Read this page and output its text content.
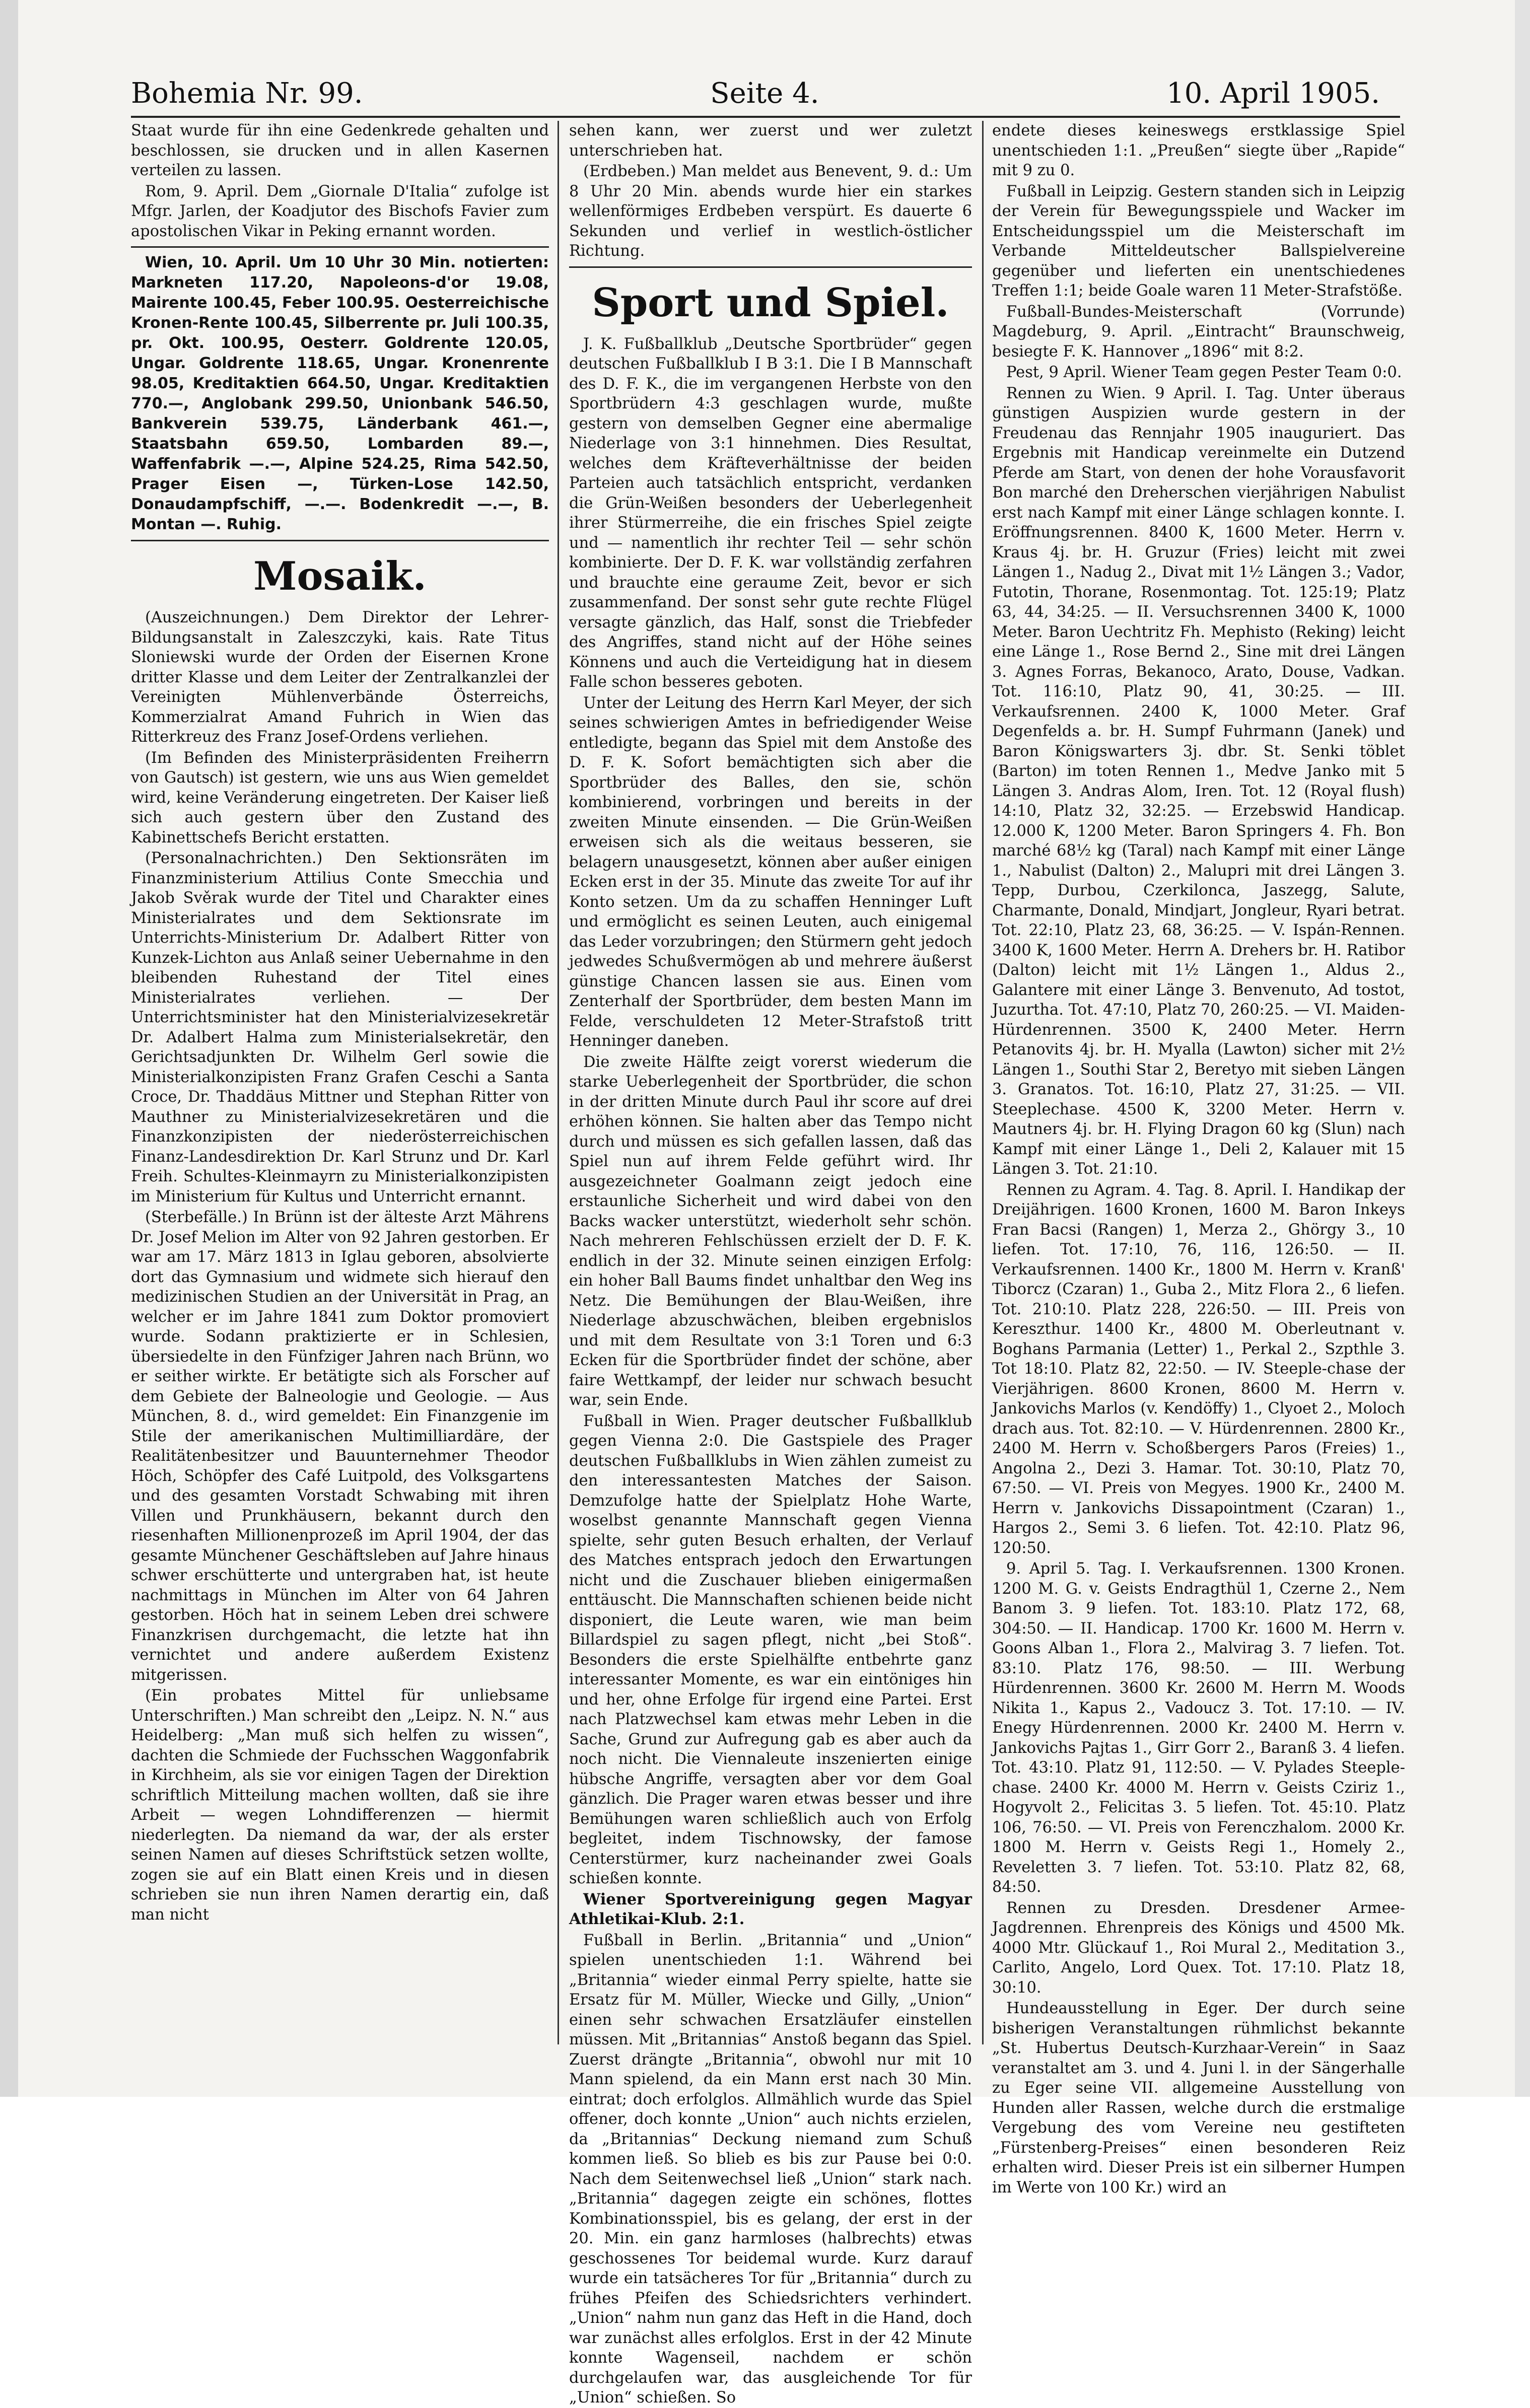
Bohemia Nr. 99.	Seite 4.	10. April 1905.

Staat wurde für ihn eine Gedenkrede gehalten und beschlossen, sie drucken und in allen Kasernen verteilen zu lassen.

Rom, 9. April. Dem „Giornale D'Italia“ zufolge ist Mfgr. Jarlen, der Koadjutor des Bischofs Favier zum apostolischen Vikar in Peking ernannt worden.

Wien, 10. April. Um 10 Uhr 30 Min. notierten: Markneten 117.20, Napoleons-d'or 19.08, Mairente 100.45, Feber 100.95. Oesterreichische Kronen-Rente 100.45, Silberrente pr. Juli 100.35, pr. Okt. 100.95, Oesterr. Goldrente 120.05, Ungar. Goldrente 118.65, Ungar. Kronenrente 98.05, Kreditaktien 664.50, Ungar. Kreditaktien 770.—, Anglobank 299.50, Unionbank 546.50, Bankverein 539.75, Länderbank 461.—, Staatsbahn 659.50, Lombarden 89.—, Waffenfabrik —.—, Alpine 524.25, Rima 542.50, Prager Eisen —, Türken-Lose 142.50, Donaudampfschiff, —.—. Bodenkredit —.—, B. Montan —. Ruhig.

Mosaik.

(Auszeichnungen.) Dem Direktor der Lehrer-Bildungsanstalt in Zaleszczyki, kais. Rate Titus Sloniewski wurde der Orden der Eisernen Krone dritter Klasse und dem Leiter der Zentralkanzlei der Vereinigten Mühlenverbände Österreichs, Kommerzialrat Amand Fuhrich in Wien das Ritterkreuz des Franz Josef-Ordens verliehen.

(Im Befinden des Ministerpräsidenten Freiherrn von Gautsch) ist gestern, wie uns aus Wien gemeldet wird, keine Veränderung eingetreten. Der Kaiser ließ sich auch gestern über den Zustand des Kabinettschefs Bericht erstatten.

(Personalnachrichten.) Den Sektionsräten im Finanzministerium Attilius Conte Smecchia und Jakob Svěrak wurde der Titel und Charakter eines Ministerialrates und dem Sektionsrate im Unterrichts-Ministerium Dr. Adalbert Ritter von Kunzek-Lichton aus Anlaß seiner Uebernahme in den bleibenden Ruhestand der Titel eines Ministerialrates verliehen. — Der Unterrichtsminister hat den Ministerialvizesekretär Dr. Adalbert Halma zum Ministerialsekretär, den Gerichtsadjunkten Dr. Wilhelm Gerl sowie die Ministerialkonzipisten Franz Grafen Ceschi a Santa Croce, Dr. Thaddäus Mittner und Stephan Ritter von Mauthner zu Ministerialvizesekretären und die Finanzkonzipisten der niederösterreichischen Finanz-Landesdirektion Dr. Karl Strunz und Dr. Karl Freih. Schultes-Kleinmayrn zu Ministerialkonzipisten im Ministerium für Kultus und Unterricht ernannt.

(Sterbefälle.) In Brünn ist der älteste Arzt Mährens Dr. Josef Melion im Alter von 92 Jahren gestorben. Er war am 17. März 1813 in Iglau geboren, absolvierte dort das Gymnasium und widmete sich hierauf den medizinischen Studien an der Universität in Prag, an welcher er im Jahre 1841 zum Doktor promoviert wurde. Sodann praktizierte er in Schlesien, übersiedelte in den Fünfziger Jahren nach Brünn, wo er seither wirkte. Er betätigte sich als Forscher auf dem Gebiete der Balneologie und Geologie. — Aus München, 8. d., wird gemeldet: Ein Finanzgenie im Stile der amerikanischen Multimilliardäre, der Realitätenbesitzer und Bauunternehmer Theodor Höch, Schöpfer des Café Luitpold, des Volksgartens und des gesamten Vorstadt Schwabing mit ihren Villen und Prunkhäusern, bekannt durch den riesenhaften Millionenprozeß im April 1904, der das gesamte Münchener Geschäftsleben auf Jahre hinaus schwer erschütterte und untergraben hat, ist heute nachmittags in München im Alter von 64 Jahren gestorben. Höch hat in seinem Leben drei schwere Finanzkrisen durchgemacht, die letzte hat ihn vernichtet und andere außerdem Existenz mitgerissen.

(Ein probates Mittel für unliebsame Unterschriften.) Man schreibt den „Leipz. N. N.“ aus Heidelberg: „Man muß sich helfen zu wissen“, dachten die Schmiede der Fuchsschen Waggonfabrik in Kirchheim, als sie vor einigen Tagen der Direktion schriftlich Mitteilung machen wollten, daß sie ihre Arbeit — wegen Lohndifferenzen — hiermit niederlegten. Da niemand da war, der als erster seinen Namen auf dieses Schriftstück setzen wollte, zogen sie auf ein Blatt einen Kreis und in diesen schrieben sie nun ihren Namen derartig ein, daß man nicht

sehen kann, wer zuerst und wer zuletzt unterschrieben hat.

(Erdbeben.) Man meldet aus Benevent, 9. d.: Um 8 Uhr 20 Min. abends wurde hier ein starkes wellenförmiges Erdbeben verspürt. Es dauerte 6 Sekunden und verlief in westlich-östlicher Richtung.

Sport und Spiel.

J. K. Fußballklub „Deutsche Sportbrüder“ gegen deutschen Fußballklub I B 3:1. Die I B Mannschaft des D. F. K., die im vergangenen Herbste von den Sportbrüdern 4:3 geschlagen wurde, mußte gestern von demselben Gegner eine abermalige Niederlage von 3:1 hinnehmen. Dies Resultat, welches dem Kräfteverhältnisse der beiden Parteien auch tatsächlich entspricht, verdanken die Grün-Weißen besonders der Ueberlegenheit ihrer Stürmerreihe, die ein frisches Spiel zeigte und — namentlich ihr rechter Teil — sehr schön kombinierte. Der D. F. K. war vollständig zerfahren und brauchte eine geraume Zeit, bevor er sich zusammenfand. Der sonst sehr gute rechte Flügel versagte gänzlich, das Half, sonst die Triebfeder des Angriffes, stand nicht auf der Höhe seines Könnens und auch die Verteidigung hat in diesem Falle schon besseres geboten.

Unter der Leitung des Herrn Karl Meyer, der sich seines schwierigen Amtes in befriedigender Weise entledigte, begann das Spiel mit dem Anstoße des D. F. K. Sofort bemächtigten sich aber die Sportbrüder des Balles, den sie, schön kombinierend, vorbringen und bereits in der zweiten Minute einsenden. — Die Grün-Weißen erweisen sich als die weitaus besseren, sie belagern unausgesetzt, können aber außer einigen Ecken erst in der 35. Minute das zweite Tor auf ihr Konto setzen. Um da zu schaffen Henninger Luft und ermöglicht es seinen Leuten, auch einigemal das Leder vorzubringen; den Stürmern geht jedoch jedwedes Schußvermögen ab und mehrere äußerst günstige Chancen lassen sie aus. Einen vom Zenterhalf der Sportbrüder, dem besten Mann im Felde, verschuldeten 12 Meter-Strafstoß tritt Henninger daneben.

Die zweite Hälfte zeigt vorerst wiederum die starke Ueberlegenheit der Sportbrüder, die schon in der dritten Minute durch Paul ihr score auf drei erhöhen können. Sie halten aber das Tempo nicht durch und müssen es sich gefallen lassen, daß das Spiel nun auf ihrem Felde geführt wird. Ihr ausgezeichneter Goalmann zeigt jedoch eine erstaunliche Sicherheit und wird dabei von den Backs wacker unterstützt, wiederholt sehr schön. Nach mehreren Fehlschüssen erzielt der D. F. K. endlich in der 32. Minute seinen einzigen Erfolg: ein hoher Ball Baums findet unhaltbar den Weg ins Netz. Die Bemühungen der Blau-Weißen, ihre Niederlage abzuschwächen, bleiben ergebnislos und mit dem Resultate von 3:1 Toren und 6:3 Ecken für die Sportbrüder findet der schöne, aber faire Wettkampf, der leider nur schwach besucht war, sein Ende.

Fußball in Wien. Prager deutscher Fußballklub gegen Vienna 2:0. Die Gastspiele des Prager deutschen Fußballklubs in Wien zählen zumeist zu den interessantesten Matches der Saison. Demzufolge hatte der Spielplatz Hohe Warte, woselbst genannte Mannschaft gegen Vienna spielte, sehr guten Besuch erhalten, der Verlauf des Matches entsprach jedoch den Erwartungen nicht und die Zuschauer blieben einigermaßen enttäuscht. Die Mannschaften schienen beide nicht disponiert, die Leute waren, wie man beim Billardspiel zu sagen pflegt, nicht „bei Stoß“. Besonders die erste Spielhälfte entbehrte ganz interessanter Momente, es war ein eintöniges hin und her, ohne Erfolge für irgend eine Partei. Erst nach Platzwechsel kam etwas mehr Leben in die Sache, Grund zur Aufregung gab es aber auch da noch nicht. Die Viennaleute inszenierten einige hübsche Angriffe, versagten aber vor dem Goal gänzlich. Die Prager waren etwas besser und ihre Bemühungen waren schließlich auch von Erfolg begleitet, indem Tischnowsky, der famose Centerstürmer, kurz nacheinander zwei Goals schießen konnte.

Wiener Sportvereinigung gegen Magyar Athletikai-Klub. 2:1.

Fußball in Berlin. „Britannia“ und „Union“ spielen unentschieden 1:1. Während bei „Britannia“ wieder einmal Perry spielte, hatte sie Ersatz für M. Müller, Wiecke und Gilly, „Union“ einen sehr schwachen Ersatzläufer einstellen müssen. Mit „Britannias“ Anstoß begann das Spiel. Zuerst drängte „Britannia“, obwohl nur mit 10 Mann spielend, da ein Mann erst nach 30 Min. eintrat; doch erfolglos. Allmählich wurde das Spiel offener, doch konnte „Union“ auch nichts erzielen, da „Britannias“ Deckung niemand zum Schuß kommen ließ. So blieb es bis zur Pause bei 0:0. Nach dem Seitenwechsel ließ „Union“ stark nach. „Britannia“ dagegen zeigte ein schönes, flottes Kombinationsspiel, bis es gelang, der erst in der 20. Min. ein ganz harmloses (halbrechts) etwas geschossenes Tor beidemal wurde. Kurz darauf wurde ein tatsächeres Tor für „Britannia“ durch zu frühes Pfeifen des Schiedsrichters verhindert. „Union“ nahm nun ganz das Heft in die Hand, doch war zunächst alles erfolglos. Erst in der 42 Minute konnte Wagenseil, nachdem er schön durchgelaufen war, das ausgleichende Tor für „Union“ schießen. So

endete dieses keineswegs erstklassige Spiel unentschieden 1:1. „Preußen“ siegte über „Rapide“ mit 9 zu 0.

Fußball in Leipzig. Gestern standen sich in Leipzig der Verein für Bewegungsspiele und Wacker im Entscheidungsspiel um die Meisterschaft im Verbande Mitteldeutscher Ballspielvereine gegenüber und lieferten ein unentschiedenes Treffen 1:1; beide Goale waren 11 Meter-Strafstöße.

Fußball-Bundes-Meisterschaft (Vorrunde) Magdeburg, 9. April. „Eintracht“ Braunschweig, besiegte F. K. Hannover „1896“ mit 8:2.

Pest, 9 April. Wiener Team gegen Pester Team 0:0.

Rennen zu Wien. 9 April. I. Tag. Unter überaus günstigen Auspizien wurde gestern in der Freudenau das Rennjahr 1905 inauguriert. Das Ergebnis mit Handicap vereinmelte ein Dutzend Pferde am Start, von denen der hohe Vorausfavorit Bon marché den Dreherschen vierjährigen Nabulist erst nach Kampf mit einer Länge schlagen konnte. I. Eröffnungsrennen. 8400 K, 1600 Meter. Herrn v. Kraus 4j. br. H. Gruzur (Fries) leicht mit zwei Längen 1., Nadug 2., Divat mit 1½ Längen 3.; Vador, Futotin, Thorane, Rosenmontag. Tot. 125:19; Platz 63, 44, 34:25. — II. Versuchsrennen 3400 K, 1000 Meter. Baron Uechtritz Fh. Mephisto (Reking) leicht eine Länge 1., Rose Bernd 2., Sine mit drei Längen 3. Agnes Forras, Bekanoco, Arato, Douse, Vadkan. Tot. 116:10, Platz 90, 41, 30:25. — III. Verkaufsrennen. 2400 K, 1000 Meter. Graf Degenfelds a. br. H. Sumpf Fuhrmann (Janek) und Baron Königswarters 3j. dbr. St. Senki töblet (Barton) im toten Rennen 1., Medve Janko mit 5 Längen 3. Andras Alom, Iren. Tot. 12 (Royal flush) 14:10, Platz 32, 32:25. — Erzebswid Handicap. 12.000 K, 1200 Meter. Baron Springers 4. Fh. Bon marché 68½ kg (Taral) nach Kampf mit einer Länge 1., Nabulist (Dalton) 2., Malupri mit drei Längen 3. Tepp, Durbou, Czerkilonca, Jaszegg, Salute, Charmante, Donald, Mindjart, Jongleur, Ryari betrat. Tot. 22:10, Platz 23, 68, 36:25. — V. Ispán-Rennen. 3400 K, 1600 Meter. Herrn A. Drehers br. H. Ratibor (Dalton) leicht mit 1½ Längen 1., Aldus 2., Galantere mit einer Länge 3. Benvenuto, Ad tostot, Juzurtha. Tot. 47:10, Platz 70, 260:25. — VI. Maiden-Hürdenrennen. 3500 K, 2400 Meter. Herrn Petanovits 4j. br. H. Myalla (Lawton) sicher mit 2½ Längen 1., Southi Star 2, Beretyo mit sieben Längen 3. Granatos. Tot. 16:10, Platz 27, 31:25. — VII. Steeplechase. 4500 K, 3200 Meter. Herrn v. Mautners 4j. br. H. Flying Dragon 60 kg (Slun) nach Kampf mit einer Länge 1., Deli 2, Kalauer mit 15 Längen 3. Tot. 21:10.

Rennen zu Agram. 4. Tag. 8. April. I. Handikap der Dreijährigen. 1600 Kronen, 1600 M. Baron Inkeys Fran Bacsi (Rangen) 1, Merza 2., Ghörgy 3., 10 liefen. Tot. 17:10, 76, 116, 126:50. — II. Verkaufsrennen. 1400 Kr., 1800 M. Herrn v. Kranß' Tiborcz (Czaran) 1., Guba 2., Mitz Flora 2., 6 liefen. Tot. 210:10. Platz 228, 226:50. — III. Preis von Kereszthur. 1400 Kr., 4800 M. Oberleutnant v. Boghans Parmania (Letter) 1., Perkal 2., Szpthle 3. Tot 18:10. Platz 82, 22:50. — IV. Steeple-chase der Vierjährigen. 8600 Kronen, 8600 M. Herrn v. Jankovichs Marlos (v. Kendöffy) 1., Clyoet 2., Moloch drach aus. Tot. 82:10. — V. Hürdenrennen. 2800 Kr., 2400 M. Herrn v. Schoßbergers Paros (Freies) 1., Angolna 2., Dezi 3. Hamar. Tot. 30:10, Platz 70, 67:50. — VI. Preis von Megyes. 1900 Kr., 2400 M. Herrn v. Jankovichs Dissapointment (Czaran) 1., Hargos 2., Semi 3. 6 liefen. Tot. 42:10. Platz 96, 120:50.

9. April 5. Tag. I. Verkaufsrennen. 1300 Kronen. 1200 M. G. v. Geists Endragthül 1, Czerne 2., Nem Banom 3. 9 liefen. Tot. 183:10. Platz 172, 68, 304:50. — II. Handicap. 1700 Kr. 1600 M. Herrn v. Goons Alban 1., Flora 2., Malvirag 3. 7 liefen. Tot. 83:10. Platz 176, 98:50. — III. Werbung Hürdenrennen. 3600 Kr. 2600 M. Herrn M. Woods Nikita 1., Kapus 2., Vadoucz 3. Tot. 17:10. — IV. Enegy Hürdenrennen. 2000 Kr. 2400 M. Herrn v. Jankovichs Pajtas 1., Girr Gorr 2., Baranß 3. 4 liefen. Tot. 43:10. Platz 91, 112:50. — V. Pylades Steeple-chase. 2400 Kr. 4000 M. Herrn v. Geists Cziriz 1., Hogyvolt 2., Felicitas 3. 5 liefen. Tot. 45:10. Platz 106, 76:50. — VI. Preis von Ferenczhalom. 2000 Kr. 1800 M. Herrn v. Geists Regi 1., Homely 2., Reveletten 3. 7 liefen. Tot. 53:10. Platz 82, 68, 84:50.

Rennen zu Dresden. Dresdener Armee-Jagdrennen. Ehrenpreis des Königs und 4500 Mk. 4000 Mtr. Glückauf 1., Roi Mural 2., Meditation 3., Carlito, Angelo, Lord Quex. Tot. 17:10. Platz 18, 30:10.

Hundeausstellung in Eger. Der durch seine bisherigen Veranstaltungen rühmlichst bekannte „St. Hubertus Deutsch-Kurzhaar-Verein“ in Saaz veranstaltet am 3. und 4. Juni l. in der Sängerhalle zu Eger seine VII. allgemeine Ausstellung von Hunden aller Rassen, welche durch die erstmalige Vergebung des vom Vereine neu gestifteten „Fürstenberg-Preises“ einen besonderen Reiz erhalten wird. Dieser Preis ist ein silberner Humpen im Werte von 100 Kr.) wird an
